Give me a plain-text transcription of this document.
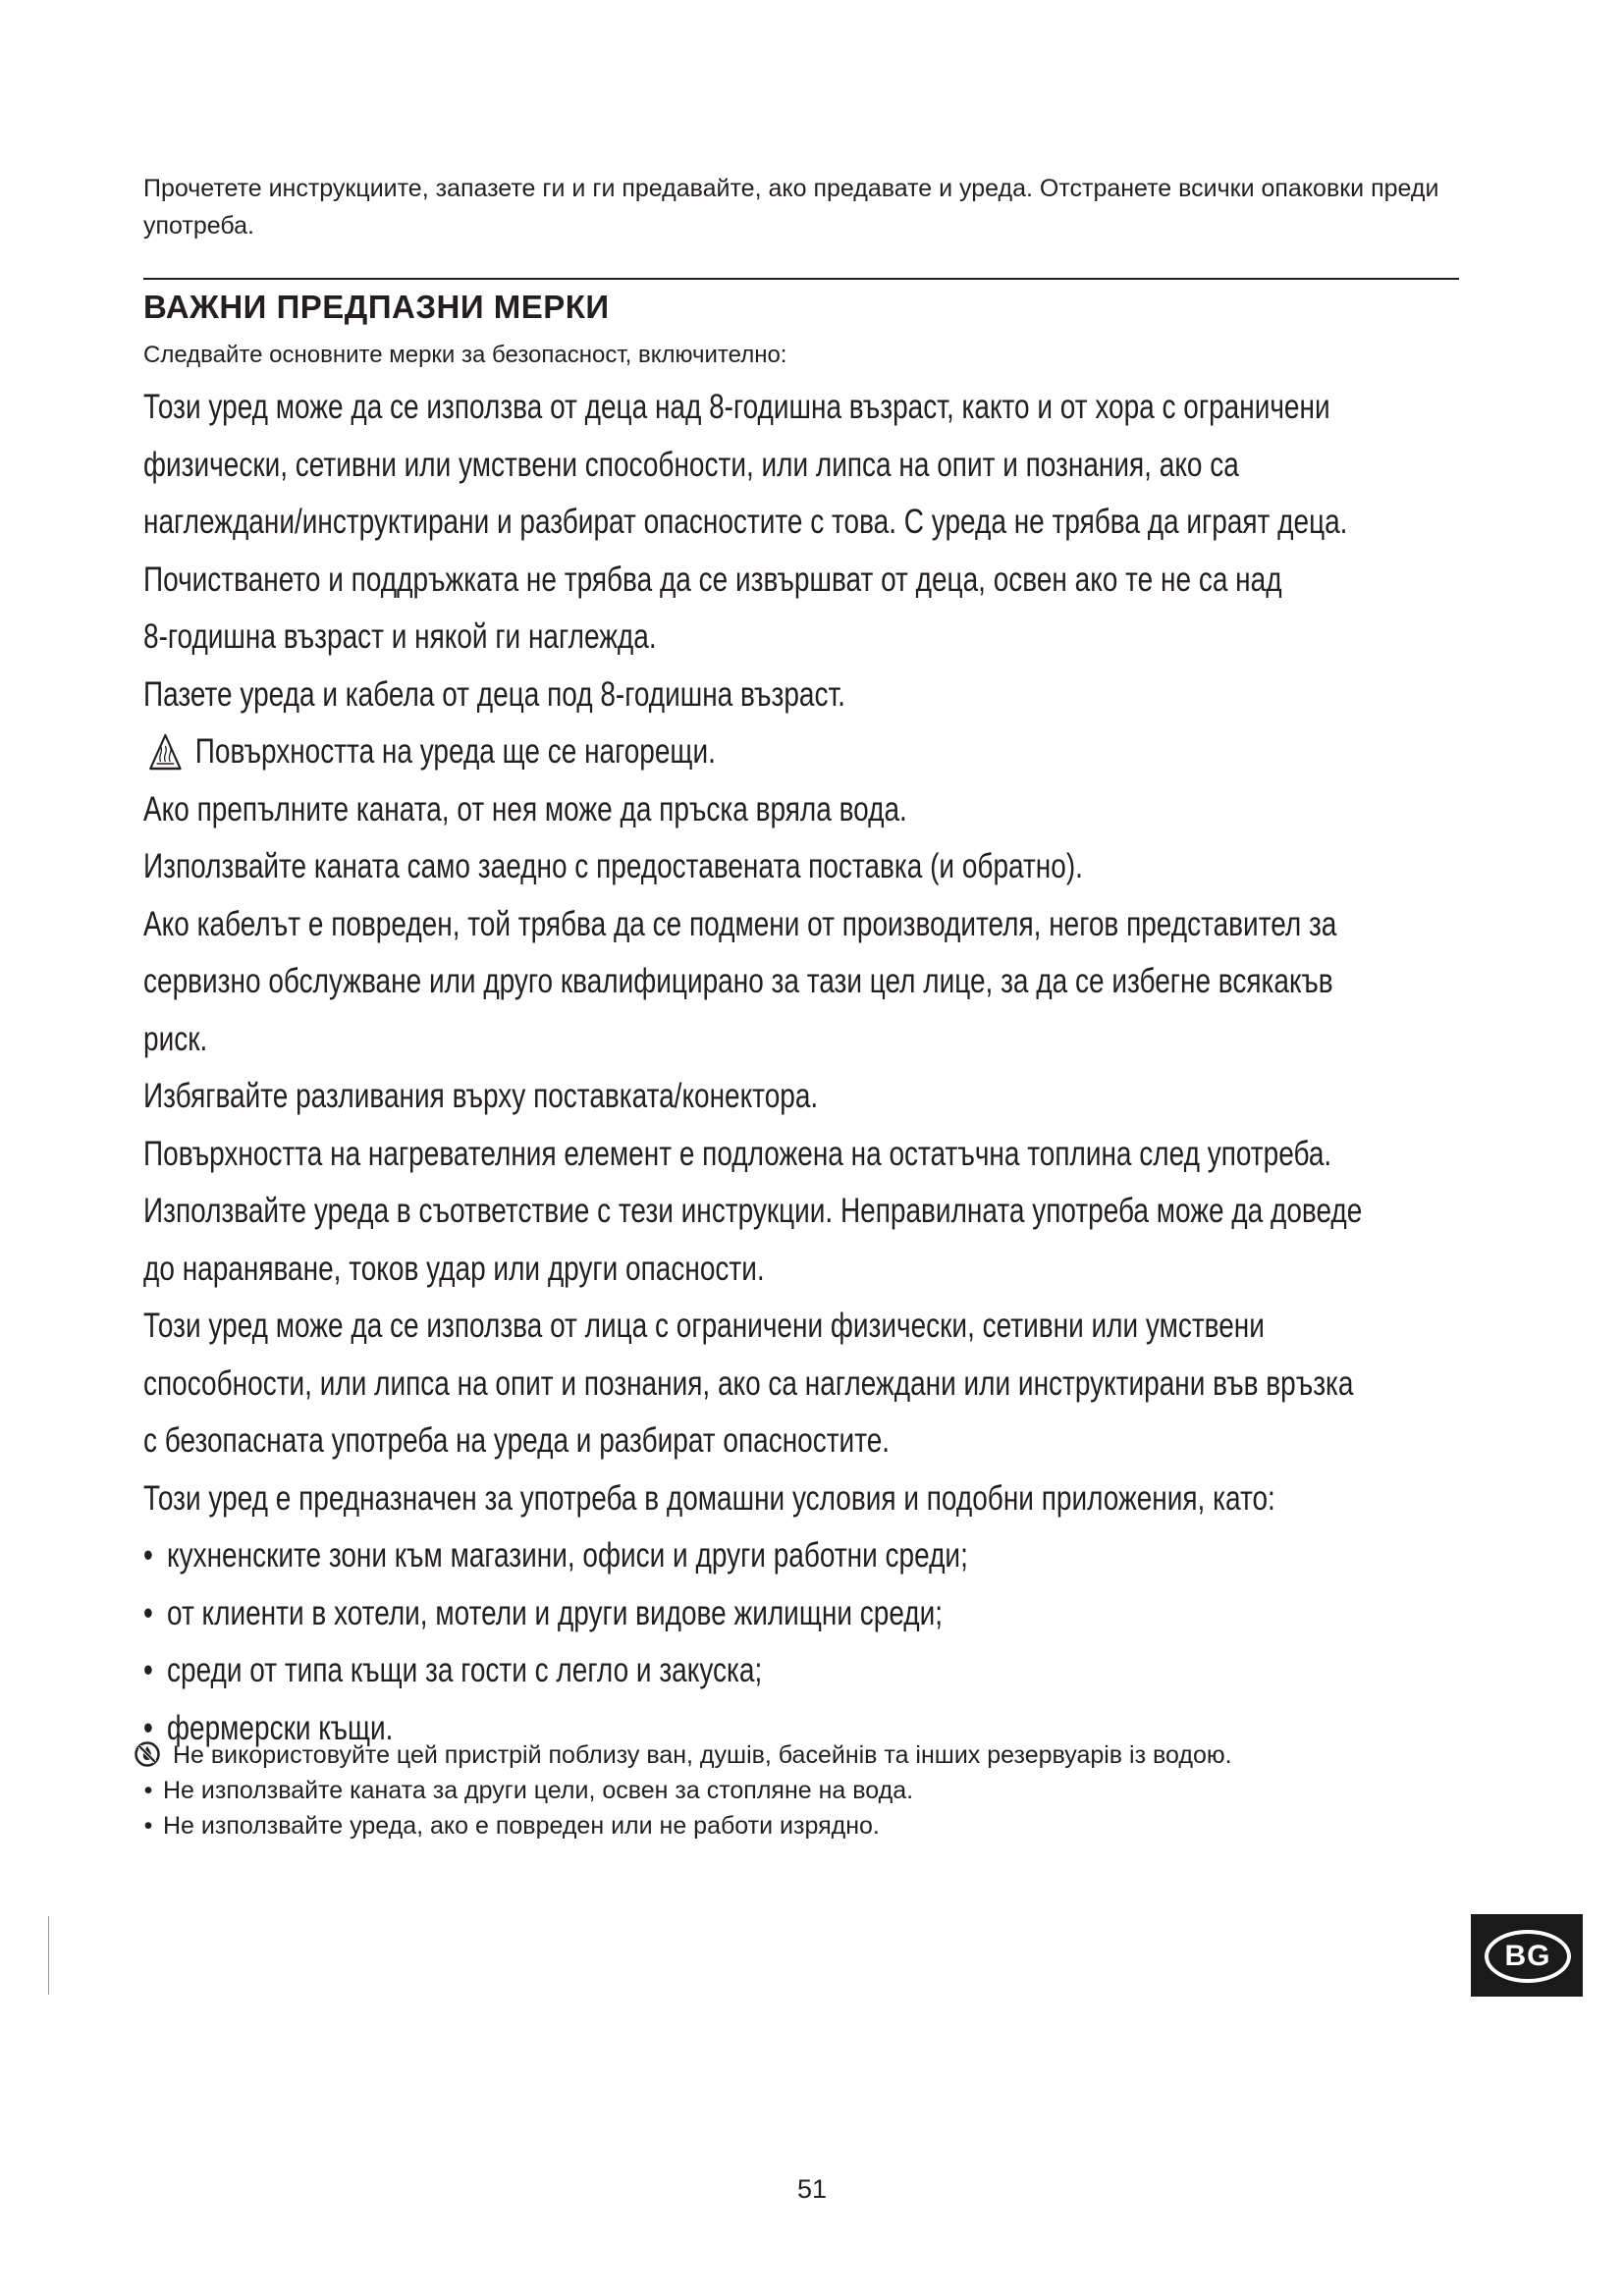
Прочетете инструкциите, запазете ги и ги предавайте, ако предавате и уреда. Отстранете всички опаковки преди употреба.

ВАЖНИ ПРЕДПАЗНИ МЕРКИ

Следвайте основните мерки за безопасност, включително:

Този уред може да се използва от деца над 8-годишна възраст, както и от хора с ограничени

физически, сетивни или умствени способности, или липса на опит и познания, ако са

наглеждани/инструктирани и разбират опасностите с това. С уреда не трябва да играят деца.

Почистването и поддръжката не трябва да се извършват от деца, освен ако те не са над

8-годишна възраст и някой ги наглежда.

Пазете уреда и кабела от деца под 8-годишна възраст.

Повърхността на уреда ще се нагорещи.

Ако препълните каната, от нея може да пръска вряла вода.

Използвайте каната само заедно с предоставената поставка (и обратно).

Ако кабелът е повреден, той трябва да се подмени от производителя, негов представител за

сервизно обслужване или друго квалифицирано за тази цел лице, за да се избегне всякакъв

риск.

Избягвайте разливания върху поставката/конектора.

Повърхността на нагревателния елемент е подложена на остатъчна топлина след употреба.

Използвайте уреда в съответствие с тези инструкции. Неправилната употреба може да доведе

до нараняване, токов удар или други опасности.

Този уред може да се използва от лица с ограничени физически, сетивни или умствени

способности, или липса на опит и познания, ако са наглеждани или инструктирани във връзка

с безопасната употреба на уреда и разбират опасностите.

Този уред е предназначен за употреба в домашни условия и подобни приложения, като:

• кухненските зони към магазини, офиси и други работни среди;

• от клиенти в хотели, мотели и други видове жилищни среди;

• среди от типа къщи за гости с легло и закуска;

• фермерски къщи.

Не використовуйте цей пристрій поблизу ван, душів, басейнів та інших резервуарів із водою.

• Не използвайте каната за други цели, освен за стопляне на вода.

• Не използвайте уреда, ако е повреден или не работи изрядно.

BG
51
